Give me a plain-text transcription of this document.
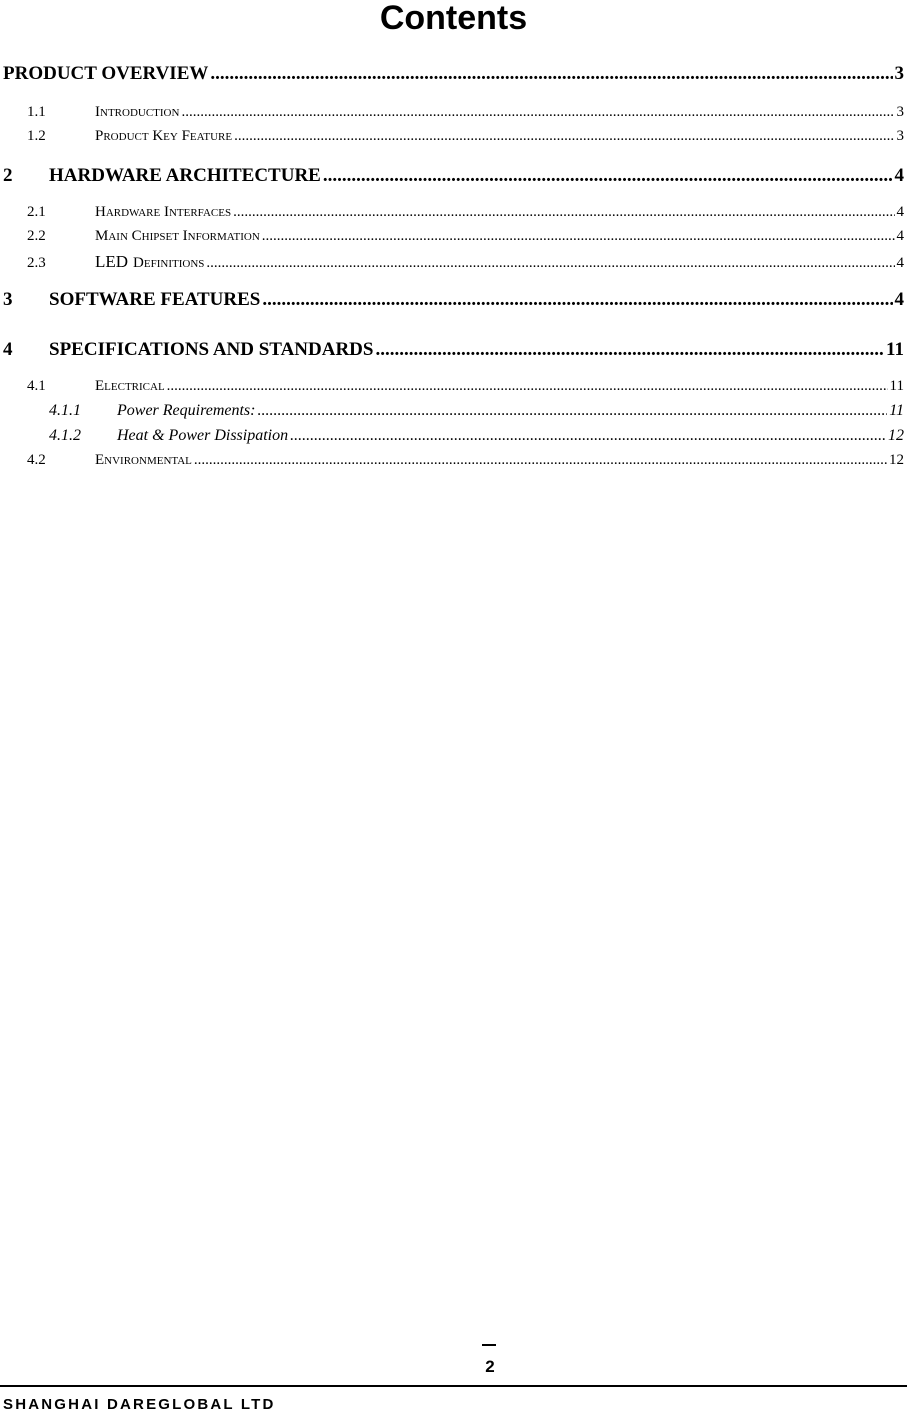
Contents
PRODUCT OVERVIEW .....	3
1.1	Introduction .....	3
1.2	Product Key Feature .....	3
2	HARDWARE ARCHITECTURE .....	4
2.1	Hardware Interfaces .....	4
2.2	Main Chipset Information .....	4
2.3	LED Definitions .....	4
3	SOFTWARE FEATURES .....	4
4	SPECIFICATIONS AND STANDARDS .....	11
4.1	Electrical .....	11
4.1.1	Power Requirements: .....	11
4.1.2	Heat & Power Dissipation .....	12
4.2	Environmental .....	12
2
SHANGHAI DAREGLOBAL LTD
